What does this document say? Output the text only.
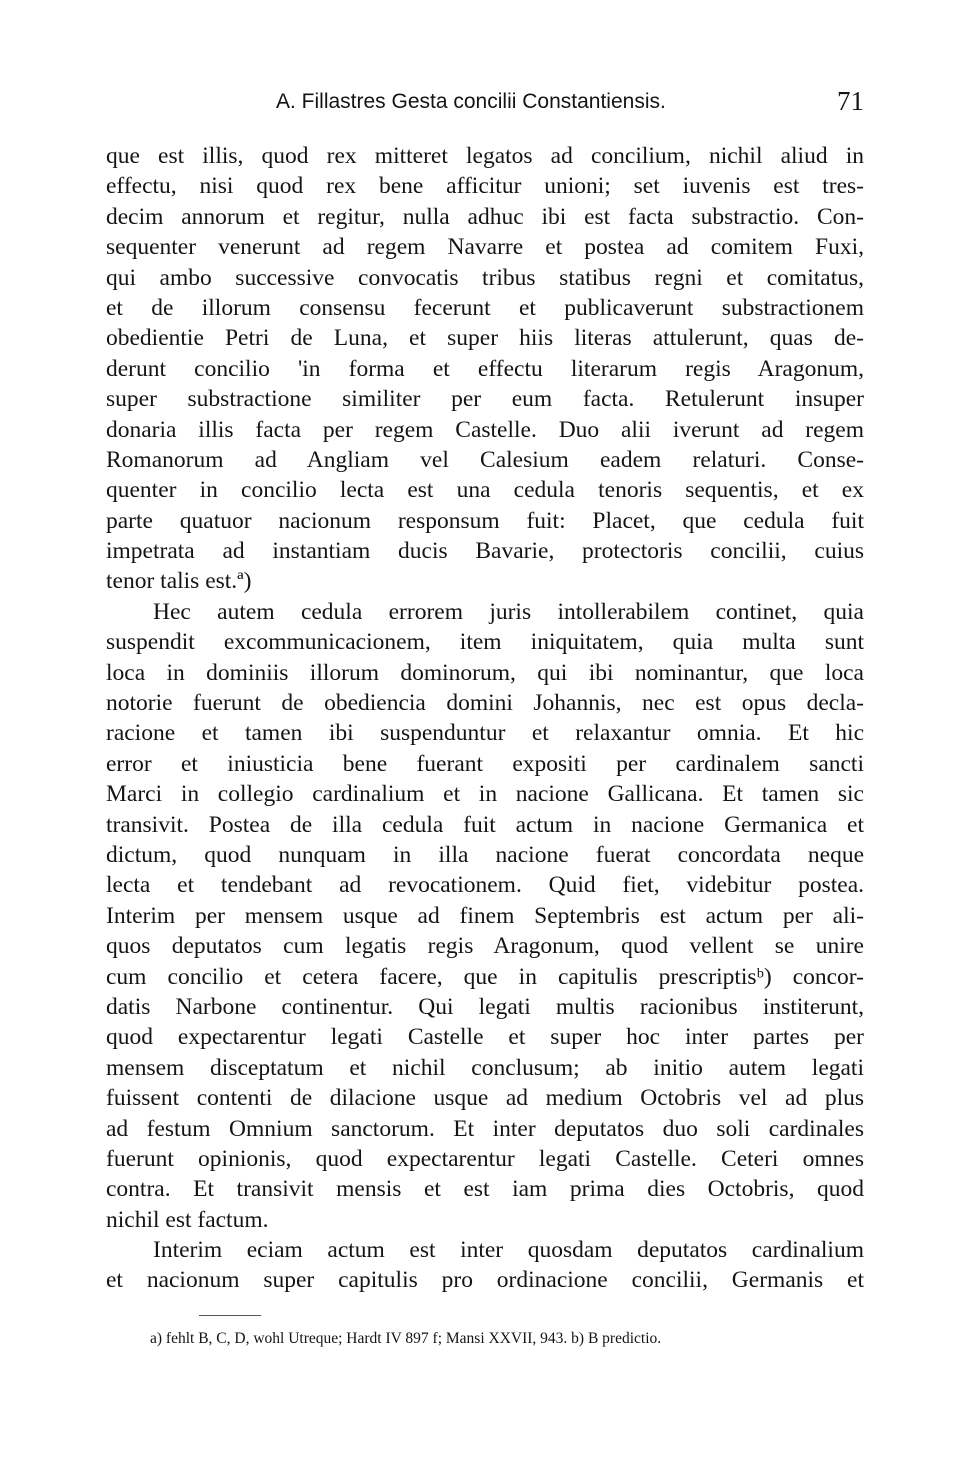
A. Fillastres Gesta concilii Constantiensis.	71
que est illis, quod rex mitteret legatos ad concilium, nichil aliud in
effectu, nisi quod rex bene afficitur unioni; set iuvenis est tres-
decim annorum et regitur, nulla adhuc ibi est facta substractio. Con-
sequenter venerunt ad regem Navarre et postea ad comitem Fuxi,
qui ambo successive convocatis tribus statibus regni et comitatus,
et de illorum consensu fecerunt et publicaverunt substractionem
obedientie Petri de Luna, et super hiis literas attulerunt, quas de-
derunt concilio 'in forma et effectu literarum regis Aragonum,
super substractione similiter per eum facta. Retulerunt insuper
donaria illis facta per regem Castelle. Duo alii iverunt ad regem
Romanorum ad Angliam vel Calesium eadem relaturi. Conse-
quenter in concilio lecta est una cedula tenoris sequentis, et ex
parte quatuor nacionum responsum fuit: Placet, que cedula fuit
impetrata ad instantiam ducis Bavarie, protectoris concilii, cuius
tenor talis est.ª)
Hec autem cedula errorem juris intollerabilem continet, quia
suspendit excommunicacionem, item iniquitatem, quia multa sunt
loca in dominiis illorum dominorum, qui ibi nominantur, que loca
notorie fuerunt de obediencia domini Johannis, nec est opus decla-
racione et tamen ibi suspenduntur et relaxantur omnia. Et hic
error et iniusticia bene fuerant expositi per cardinalem sancti
Marci in collegio cardinalium et in nacione Gallicana. Et tamen sic
transivit. Postea de illa cedula fuit actum in nacione Germanica et
dictum, quod nunquam in illa nacione fuerat concordata neque
lecta et tendebant ad revocationem. Quid fiet, videbitur postea.
Interim per mensem usque ad finem Septembris est actum per ali-
quos deputatos cum legatis regis Aragonum, quod vellent se unire
cum concilio et cetera facere, que in capitulis prescriptisᵇ) concor-
datis Narbone continentur. Qui legati multis racionibus institerunt,
quod expectarentur legati Castelle et super hoc inter partes per
mensem disceptatum et nichil conclusum; ab initio autem legati
fuissent contenti de dilacione usque ad medium Octobris vel ad plus
ad festum Omnium sanctorum. Et inter deputatos duo soli cardinales
fuerunt opinionis, quod expectarentur legati Castelle. Ceteri omnes
contra. Et transivit mensis et est iam prima dies Octobris, quod
nichil est factum.
Interim eciam actum est inter quosdam deputatos cardinalium
et nacionum super capitulis pro ordinacione concilii, Germanis et
a) fehlt B, C, D, wohl Utreque; Hardt IV 897 f; Mansi XXVII, 943. b) B predictio.
